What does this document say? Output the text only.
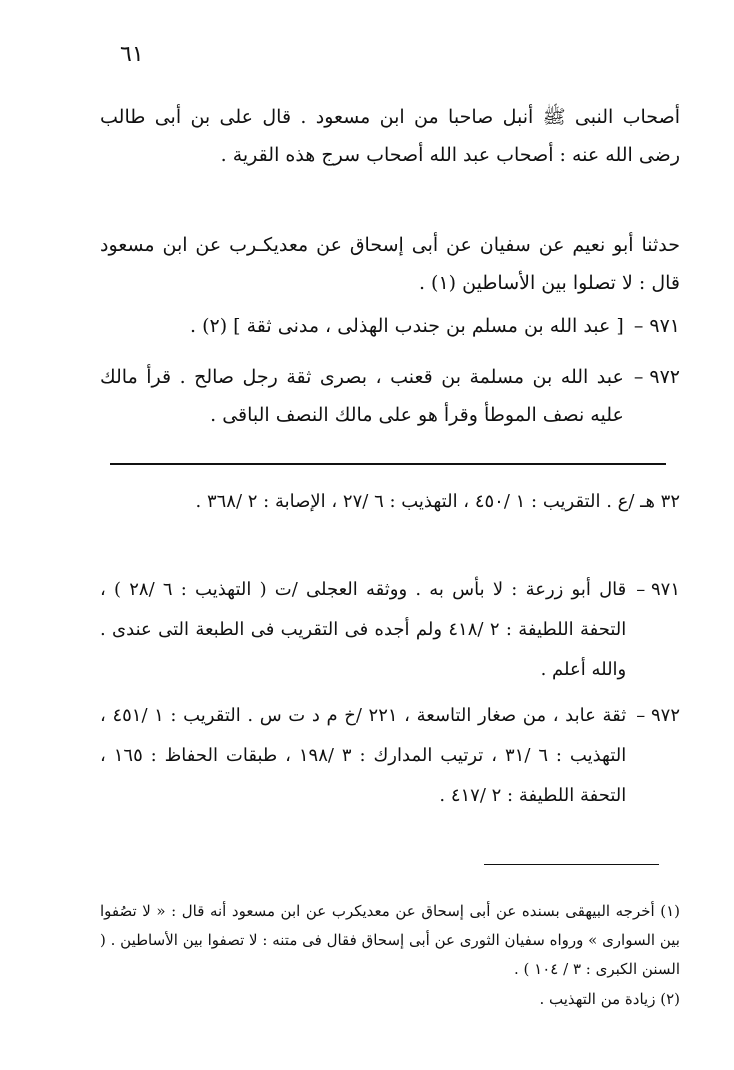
٦١

أصحاب النبى ﷺ أنبل صاحبا من ابن مسعود . قال على بن أبى طالب رضى الله عنه : أصحاب عبد الله أصحاب سرج هذه القرية .

حدثنا أبو نعيم عن سفيان عن أبى إسحاق عن معديكـرب عن ابن مسعود قال : لا تصلوا بين الأساطين (١) .

٩٧١ –
[ عبد الله بن مسلم بن جندب الهذلى ، مدنى ثقة ] (٢) .
٩٧٢ –
عبد الله بن مسلمة بن قعنب ، بصرى ثقة رجل صالح . قرأ مالك عليه نصف الموطأ وقرأ هو على مالك النصف الباقى .

٣٢ هـ /ع . التقريب : ١ /٤٥٠ ، التهذيب : ٦ /٢٧ ، الإصابة : ٢ /٣٦٨ .

٩٧١ –
قال أبو زرعة : لا بأس به . ووثقه العجلى /ت ( التهذيب : ٦ /٢٨ ) ، التحفة اللطيفة : ٢ /٤١٨ ولم أجده فى التقريب فى الطبعة التى عندى . والله أعلم .
٩٧٢ –
ثقة عابد ، من صغار التاسعة ، ٢٢١ /خ م د ت س . التقريب : ١ /٤٥١ ، التهذيب : ٦ /٣١ ، ترتيب المدارك : ٣ /١٩٨ ، طبقات الحفاظ : ١٦٥ ، التحفة اللطيفة : ٢ /٤١٧ .

(١) أخرجه البيهقى بسنده عن أبى إسحاق عن معديكرب عن ابن مسعود أنه قال : « لا تصُفوا بين السوارى » ورواه سفيان الثورى عن أبى إسحاق فقال فى متنه : لا تصفوا بين الأساطين . ( السنن الكبرى : ٣ / ١٠٤ ) .

(٢) زيادة من التهذيب .
